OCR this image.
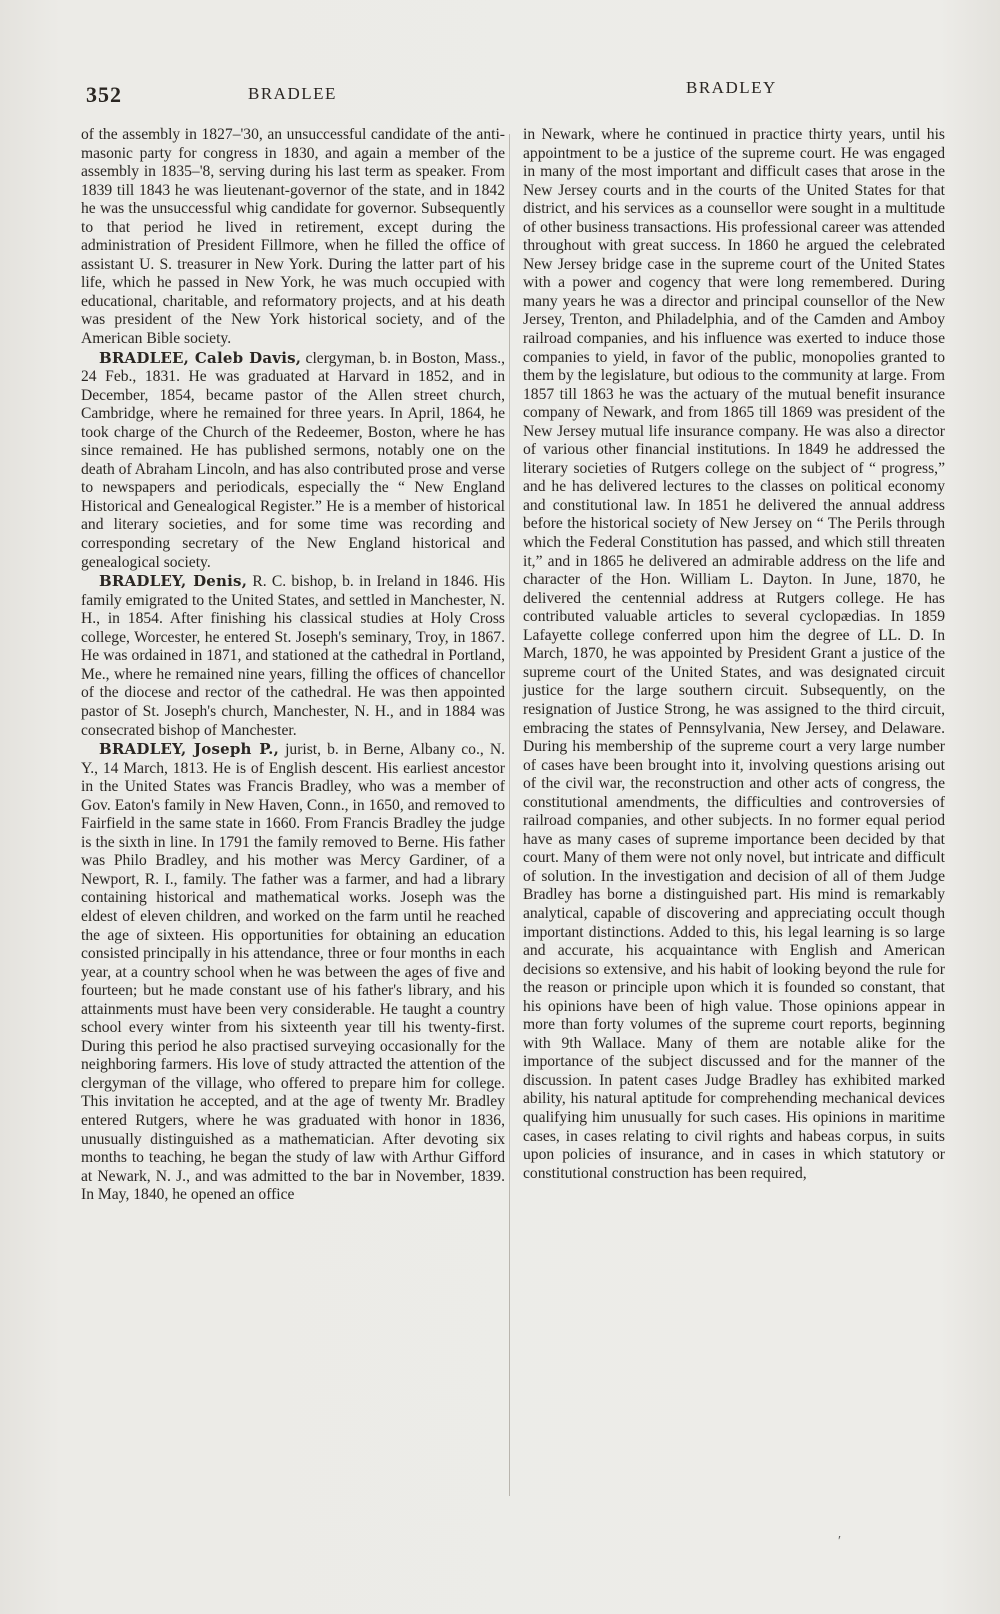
352	BRADLEE	BRADLEY

of the assembly in 1827–'30, an unsuccessful candidate of the anti-masonic party for congress in 1830, and again a member of the assembly in 1835–'8, serving during his last term as speaker. From 1839 till 1843 he was lieutenant-governor of the state, and in 1842 he was the unsuccessful whig candidate for governor. Subsequently to that period he lived in retirement, except during the administration of President Fillmore, when he filled the office of assistant U. S. treasurer in New York. During the latter part of his life, which he passed in New York, he was much occupied with educational, charitable, and reformatory projects, and at his death was president of the New York historical society, and of the American Bible society.

BRADLEE, Caleb Davis, clergyman, b. in Boston, Mass., 24 Feb., 1831. He was graduated at Harvard in 1852, and in December, 1854, became pastor of the Allen street church, Cambridge, where he remained for three years. In April, 1864, he took charge of the Church of the Redeemer, Boston, where he has since remained. He has published sermons, notably one on the death of Abraham Lincoln, and has also contributed prose and verse to newspapers and periodicals, especially the “ New England Historical and Genealogical Register.” He is a member of historical and literary societies, and for some time was recording and corresponding secretary of the New England historical and genealogical society.

BRADLEY, Denis, R. C. bishop, b. in Ireland in 1846. His family emigrated to the United States, and settled in Manchester, N. H., in 1854. After finishing his classical studies at Holy Cross college, Worcester, he entered St. Joseph's seminary, Troy, in 1867. He was ordained in 1871, and stationed at the cathedral in Portland, Me., where he remained nine years, filling the offices of chancellor of the diocese and rector of the cathedral. He was then appointed pastor of St. Joseph's church, Manchester, N. H., and in 1884 was consecrated bishop of Manchester.

BRADLEY, Joseph P., jurist, b. in Berne, Albany co., N. Y., 14 March, 1813. He is of English descent. His earliest ancestor in the United States was Francis Bradley, who was a member of Gov. Eaton's family in New Haven, Conn., in 1650, and removed to Fairfield in the same state in 1660. From Francis Bradley the judge is the sixth in line. In 1791 the family removed to Berne. His father was Philo Bradley, and his mother was Mercy Gardiner, of a Newport, R. I., family. The father was a farmer, and had a library containing historical and mathematical works. Joseph was the eldest of eleven children, and worked on the farm until he reached the age of sixteen. His opportunities for obtaining an education consisted principally in his attendance, three or four months in each year, at a country school when he was between the ages of five and fourteen; but he made constant use of his father's library, and his attainments must have been very considerable. He taught a country school every winter from his sixteenth year till his twenty-first. During this period he also practised surveying occasionally for the neighboring farmers. His love of study attracted the attention of the clergyman of the village, who offered to prepare him for college. This invitation he accepted, and at the age of twenty Mr. Bradley entered Rutgers, where he was graduated with honor in 1836, unusually distinguished as a mathematician. After devoting six months to teaching, he began the study of law with Arthur Gifford at Newark, N. J., and was admitted to the bar in November, 1839. In May, 1840, he opened an office

in Newark, where he continued in practice thirty years, until his appointment to be a justice of the supreme court. He was engaged in many of the most important and difficult cases that arose in the New Jersey courts and in the courts of the United States for that district, and his services as a counsellor were sought in a multitude of other business transactions. His professional career was attended throughout with great success. In 1860 he argued the celebrated New Jersey bridge case in the supreme court of the United States with a power and cogency that were long remembered. During many years he was a director and principal counsellor of the New Jersey, Trenton, and Philadelphia, and of the Camden and Amboy railroad companies, and his influence was exerted to induce those companies to yield, in favor of the public, monopolies granted to them by the legislature, but odious to the community at large. From 1857 till 1863 he was the actuary of the mutual benefit insurance company of Newark, and from 1865 till 1869 was president of the New Jersey mutual life insurance company. He was also a director of various other financial institutions. In 1849 he addressed the literary societies of Rutgers college on the subject of “ progress,” and he has delivered lectures to the classes on political economy and constitutional law. In 1851 he delivered the annual address before the historical society of New Jersey on “ The Perils through which the Federal Constitution has passed, and which still threaten it,” and in 1865 he delivered an admirable address on the life and character of the Hon. William L. Dayton. In June, 1870, he delivered the centennial address at Rutgers college. He has contributed valuable articles to several cyclopædias. In 1859 Lafayette college conferred upon him the degree of LL. D. In March, 1870, he was appointed by President Grant a justice of the supreme court of the United States, and was designated circuit justice for the large southern circuit. Subsequently, on the resignation of Justice Strong, he was assigned to the third circuit, embracing the states of Pennsylvania, New Jersey, and Delaware. During his membership of the supreme court a very large number of cases have been brought into it, involving questions arising out of the civil war, the reconstruction and other acts of congress, the constitutional amendments, the difficulties and controversies of railroad companies, and other subjects. In no former equal period have as many cases of supreme importance been decided by that court. Many of them were not only novel, but intricate and difficult of solution. In the investigation and decision of all of them Judge Bradley has borne a distinguished part. His mind is remarkably analytical, capable of discovering and appreciating occult though important distinctions. Added to this, his legal learning is so large and accurate, his acquaintance with English and American decisions so extensive, and his habit of looking beyond the rule for the reason or principle upon which it is founded so constant, that his opinions have been of high value. Those opinions appear in more than forty volumes of the supreme court reports, beginning with 9th Wallace. Many of them are notable alike for the importance of the subject discussed and for the manner of the discussion. In patent cases Judge Bradley has exhibited marked ability, his natural aptitude for comprehending mechanical devices qualifying him unusually for such cases. His opinions in maritime cases, in cases relating to civil rights and habeas corpus, in suits upon policies of insurance, and in cases in which statutory or constitutional construction has been required,

′
